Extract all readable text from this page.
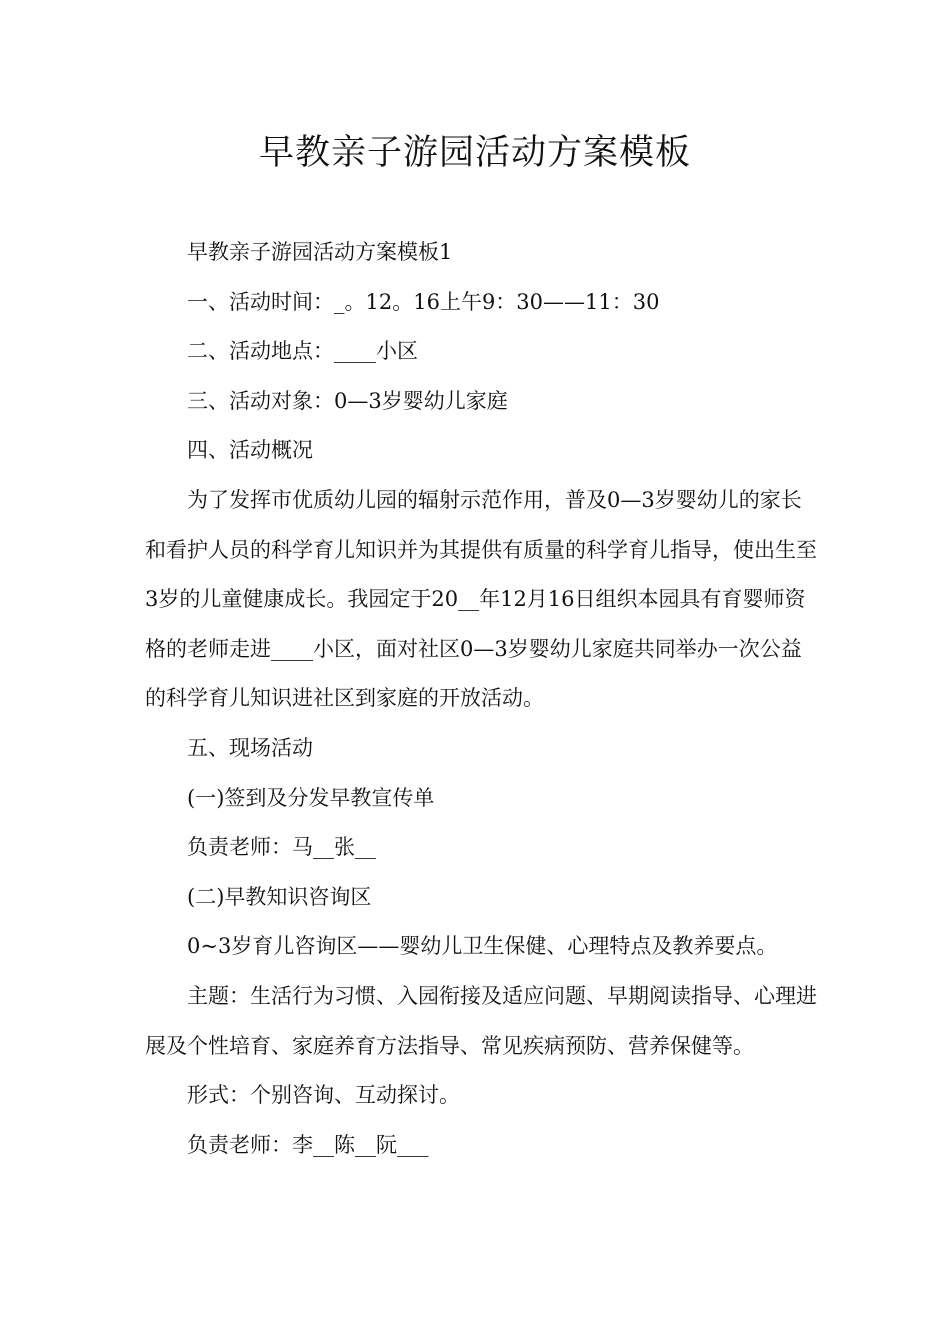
早教亲子游园活动方案模板

早教亲子游园活动方案模板1

一、活动时间：_。12。16上午9：30——11：30

二、活动地点：____小区

三、活动对象：0—3岁婴幼儿家庭

四、活动概况

为了发挥市优质幼儿园的辐射示范作用，普及0—3岁婴幼儿的家长和看护人员的科学育儿知识并为其提供有质量的科学育儿指导，使出生至3岁的儿童健康成长。我园定于20__年12月16日组织本园具有育婴师资格的老师走进____小区，面对社区0—3岁婴幼儿家庭共同举办一次公益的科学育儿知识进社区到家庭的开放活动。

五、现场活动

(一)签到及分发早教宣传单

负责老师：马__张__

(二)早教知识咨询区

0~3岁育儿咨询区——婴幼儿卫生保健、心理特点及教养要点。

主题：生活行为习惯、入园衔接及适应问题、早期阅读指导、心理进展及个性培育、家庭养育方法指导、常见疾病预防、营养保健等。

形式：个别咨询、互动探讨。

负责老师：李__陈__阮___
